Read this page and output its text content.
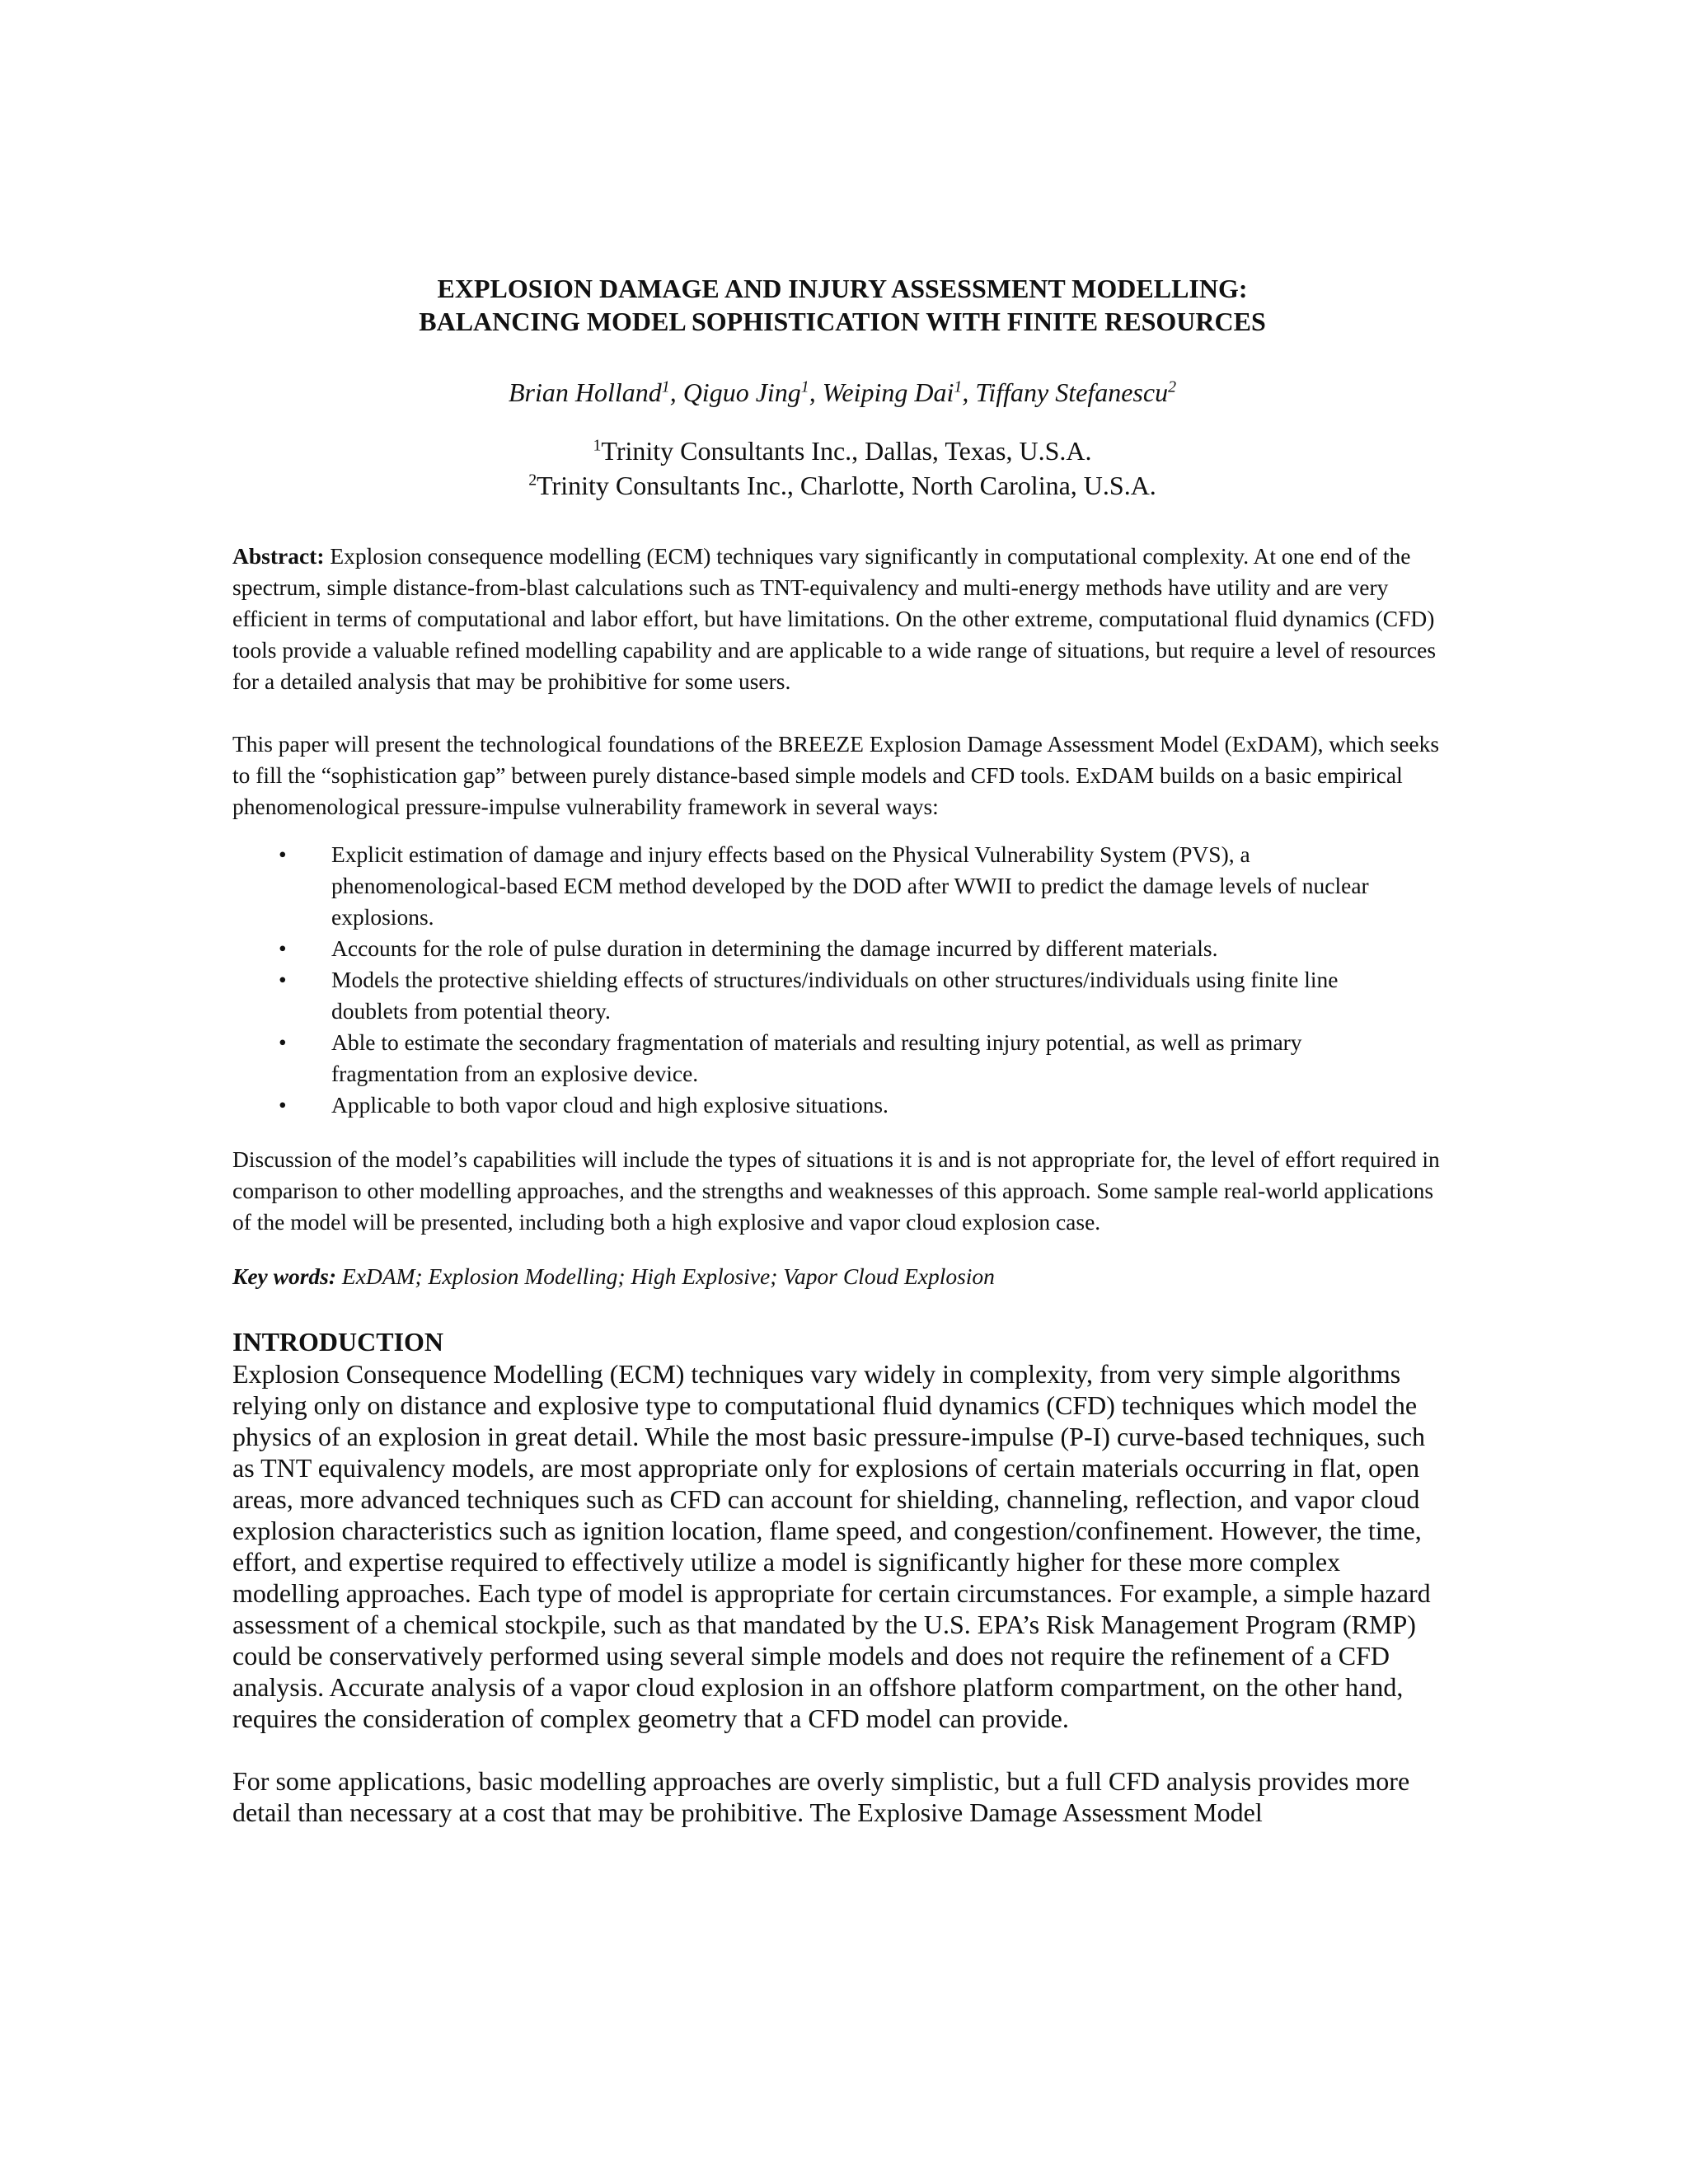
EXPLOSION DAMAGE AND INJURY ASSESSMENT MODELLING:
BALANCING MODEL SOPHISTICATION WITH FINITE RESOURCES
Brian Holland$^1$, Qiguo Jing$^1$, Weiping Dai$^1$, Tiffany Stefanescu$^2$
$^1$Trinity Consultants Inc., Dallas, Texas, U.S.A.
$^2$Trinity Consultants Inc., Charlotte, North Carolina, U.S.A.
Abstract: Explosion consequence modelling (ECM) techniques vary significantly in computational complexity. At one end of the spectrum, simple distance-from-blast calculations such as TNT-equivalency and multi-energy methods have utility and are very efficient in terms of computational and labor effort, but have limitations. On the other extreme, computational fluid dynamics (CFD) tools provide a valuable refined modelling capability and are applicable to a wide range of situations, but require a level of resources for a detailed analysis that may be prohibitive for some users.
This paper will present the technological foundations of the BREEZE Explosion Damage Assessment Model (ExDAM), which seeks to fill the “sophistication gap” between purely distance-based simple models and CFD tools. ExDAM builds on a basic empirical phenomenological pressure-impulse vulnerability framework in several ways:
• Explicit estimation of damage and injury effects based on the Physical Vulnerability System (PVS), a phenomenological-based ECM method developed by the DOD after WWII to predict the damage levels of nuclear explosions.
• Accounts for the role of pulse duration in determining the damage incurred by different materials.
• Models the protective shielding effects of structures/individuals on other structures/individuals using finite line doublets from potential theory.
• Able to estimate the secondary fragmentation of materials and resulting injury potential, as well as primary fragmentation from an explosive device.
• Applicable to both vapor cloud and high explosive situations.
Discussion of the model’s capabilities will include the types of situations it is and is not appropriate for, the level of effort required in comparison to other modelling approaches, and the strengths and weaknesses of this approach. Some sample real-world applications of the model will be presented, including both a high explosive and vapor cloud explosion case.
Key words: ExDAM; Explosion Modelling; High Explosive; Vapor Cloud Explosion
INTRODUCTION
Explosion Consequence Modelling (ECM) techniques vary widely in complexity, from very simple algorithms relying only on distance and explosive type to computational fluid dynamics (CFD) techniques which model the physics of an explosion in great detail. While the most basic pressure-impulse (P-I) curve-based techniques, such as TNT equivalency models, are most appropriate only for explosions of certain materials occurring in flat, open areas, more advanced techniques such as CFD can account for shielding, channeling, reflection, and vapor cloud explosion characteristics such as ignition location, flame speed, and congestion/confinement. However, the time, effort, and expertise required to effectively utilize a model is significantly higher for these more complex modelling approaches. Each type of model is appropriate for certain circumstances. For example, a simple hazard assessment of a chemical stockpile, such as that mandated by the U.S. EPA’s Risk Management Program (RMP) could be conservatively performed using several simple models and does not require the refinement of a CFD analysis. Accurate analysis of a vapor cloud explosion in an offshore platform compartment, on the other hand, requires the consideration of complex geometry that a CFD model can provide.
For some applications, basic modelling approaches are overly simplistic, but a full CFD analysis provides more detail than necessary at a cost that may be prohibitive. The Explosive Damage Assessment Model
